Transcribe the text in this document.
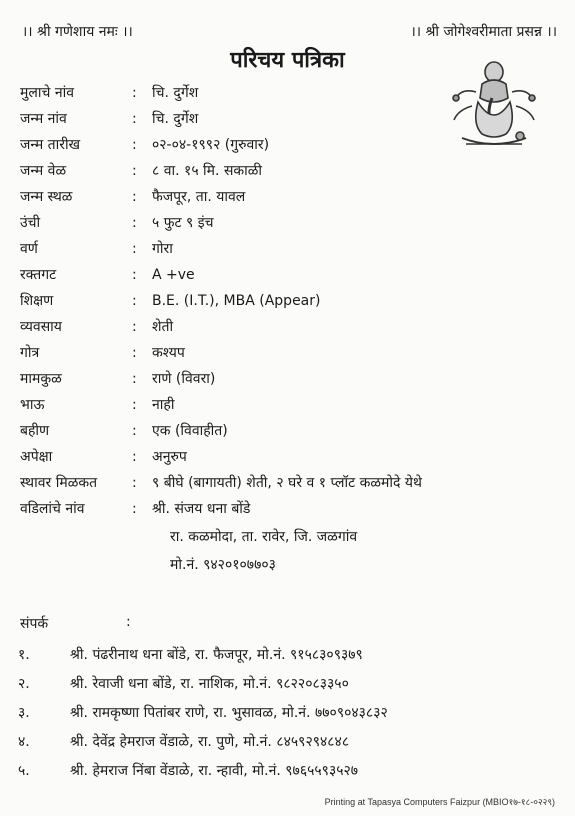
।। श्री गणेशाय नमः ।।	।। श्री जोगेश्वरीमाता प्रसन्न ।।
परिचय पत्रिका
मुलाचे नांव	:	चि. दुर्गेश
जन्म नांव	:	चि. दुर्गेश
जन्म तारीख	:	०२-०४-१९९२ (गुरुवार)
जन्म वेळ	:	८ वा. १५ मि. सकाळी
जन्म स्थळ	:	फैजपूर, ता. यावल
उंची	:	५ फुट ९ इंच
वर्ण	:	गोरा
रक्तगट	:	A +ve
शिक्षण	:	B.E. (I.T.), MBA (Appear)
व्यवसाय	:	शेती
गोत्र	:	कश्यप
मामकुळ	:	राणे (विवरा)
भाऊ	:	नाही
बहीण	:	एक (विवाहीत)
अपेक्षा	:	अनुरुप
स्थावर मिळकत	:	९ बीघे (बागायती) शेती, २ घरे व १ प्लॉट कळमोदे येथे
वडिलांचे नांव	:	श्री. संजय धना बोंडे
रा. कळमोदा, ता. रावेर, जि. जळगांव
मो.नं. ९४२०१०७७०३
संपर्क	:
१.	श्री. पंढरीनाथ धना बोंडे, रा. फैजपूर, मो.नं. ९१५८३०९३७९
२.	श्री. रेवाजी धना बोंडे, रा. नाशिक, मो.नं. ९८२२०८३३५०
३.	श्री. रामकृष्णा पितांबर राणे, रा. भुसावळ, मो.नं. ७७०९०४३८३२
४.	श्री. देवेंद्र हेमराज वेंडाळे, रा. पुणे, मो.नं. ८४५९२९४८४८
५.	श्री. हेमराज निंबा वेंडाळे, रा. न्हावी, मो.नं. ९७६५५९३५२७
Printing at Tapasya Computers Faizpur (MBIO१७-१८-०२२९)
